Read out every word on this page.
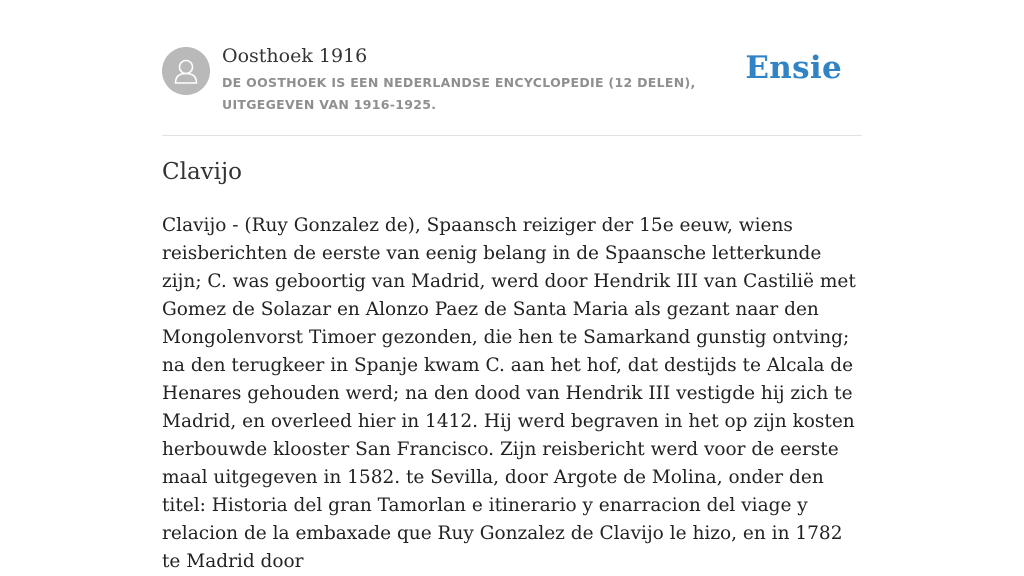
Oosthoek 1916
DE OOSTHOEK IS EEN NEDERLANDSE ENCYCLOPEDIE (12 DELEN), UITGEGEVEN VAN 1916-1925.
Ensie
Clavijo

Clavijo - (Ruy Gonzalez de), Spaansch reiziger der 15e eeuw, wiens reisberichten de eerste van eenig belang in de Spaansche letterkunde zijn; C. was geboortig van Madrid, werd door Hendrik III van Castilië met Gomez de Solazar en Alonzo Paez de Santa Maria als gezant naar den Mongolenvorst Timoer gezonden, die hen te Samarkand gunstig ontving; na den terugkeer in Spanje kwam C. aan het hof, dat destijds te Alcala de Henares gehouden werd; na den dood van Hendrik III vestigde hij zich te Madrid, en overleed hier in 1412. Hij werd begraven in het op zijn kosten herbouwde klooster San Francisco. Zijn reisbericht werd voor de eerste maal uitgegeven in 1582. te Sevilla, door Argote de Molina, onder den titel: Historia del gran Tamorlan e itinerario y enarracion del viage y relacion de la embaxade que Ruy Gonzalez de Clavijo le hizo, en in 1782 te Madrid door
